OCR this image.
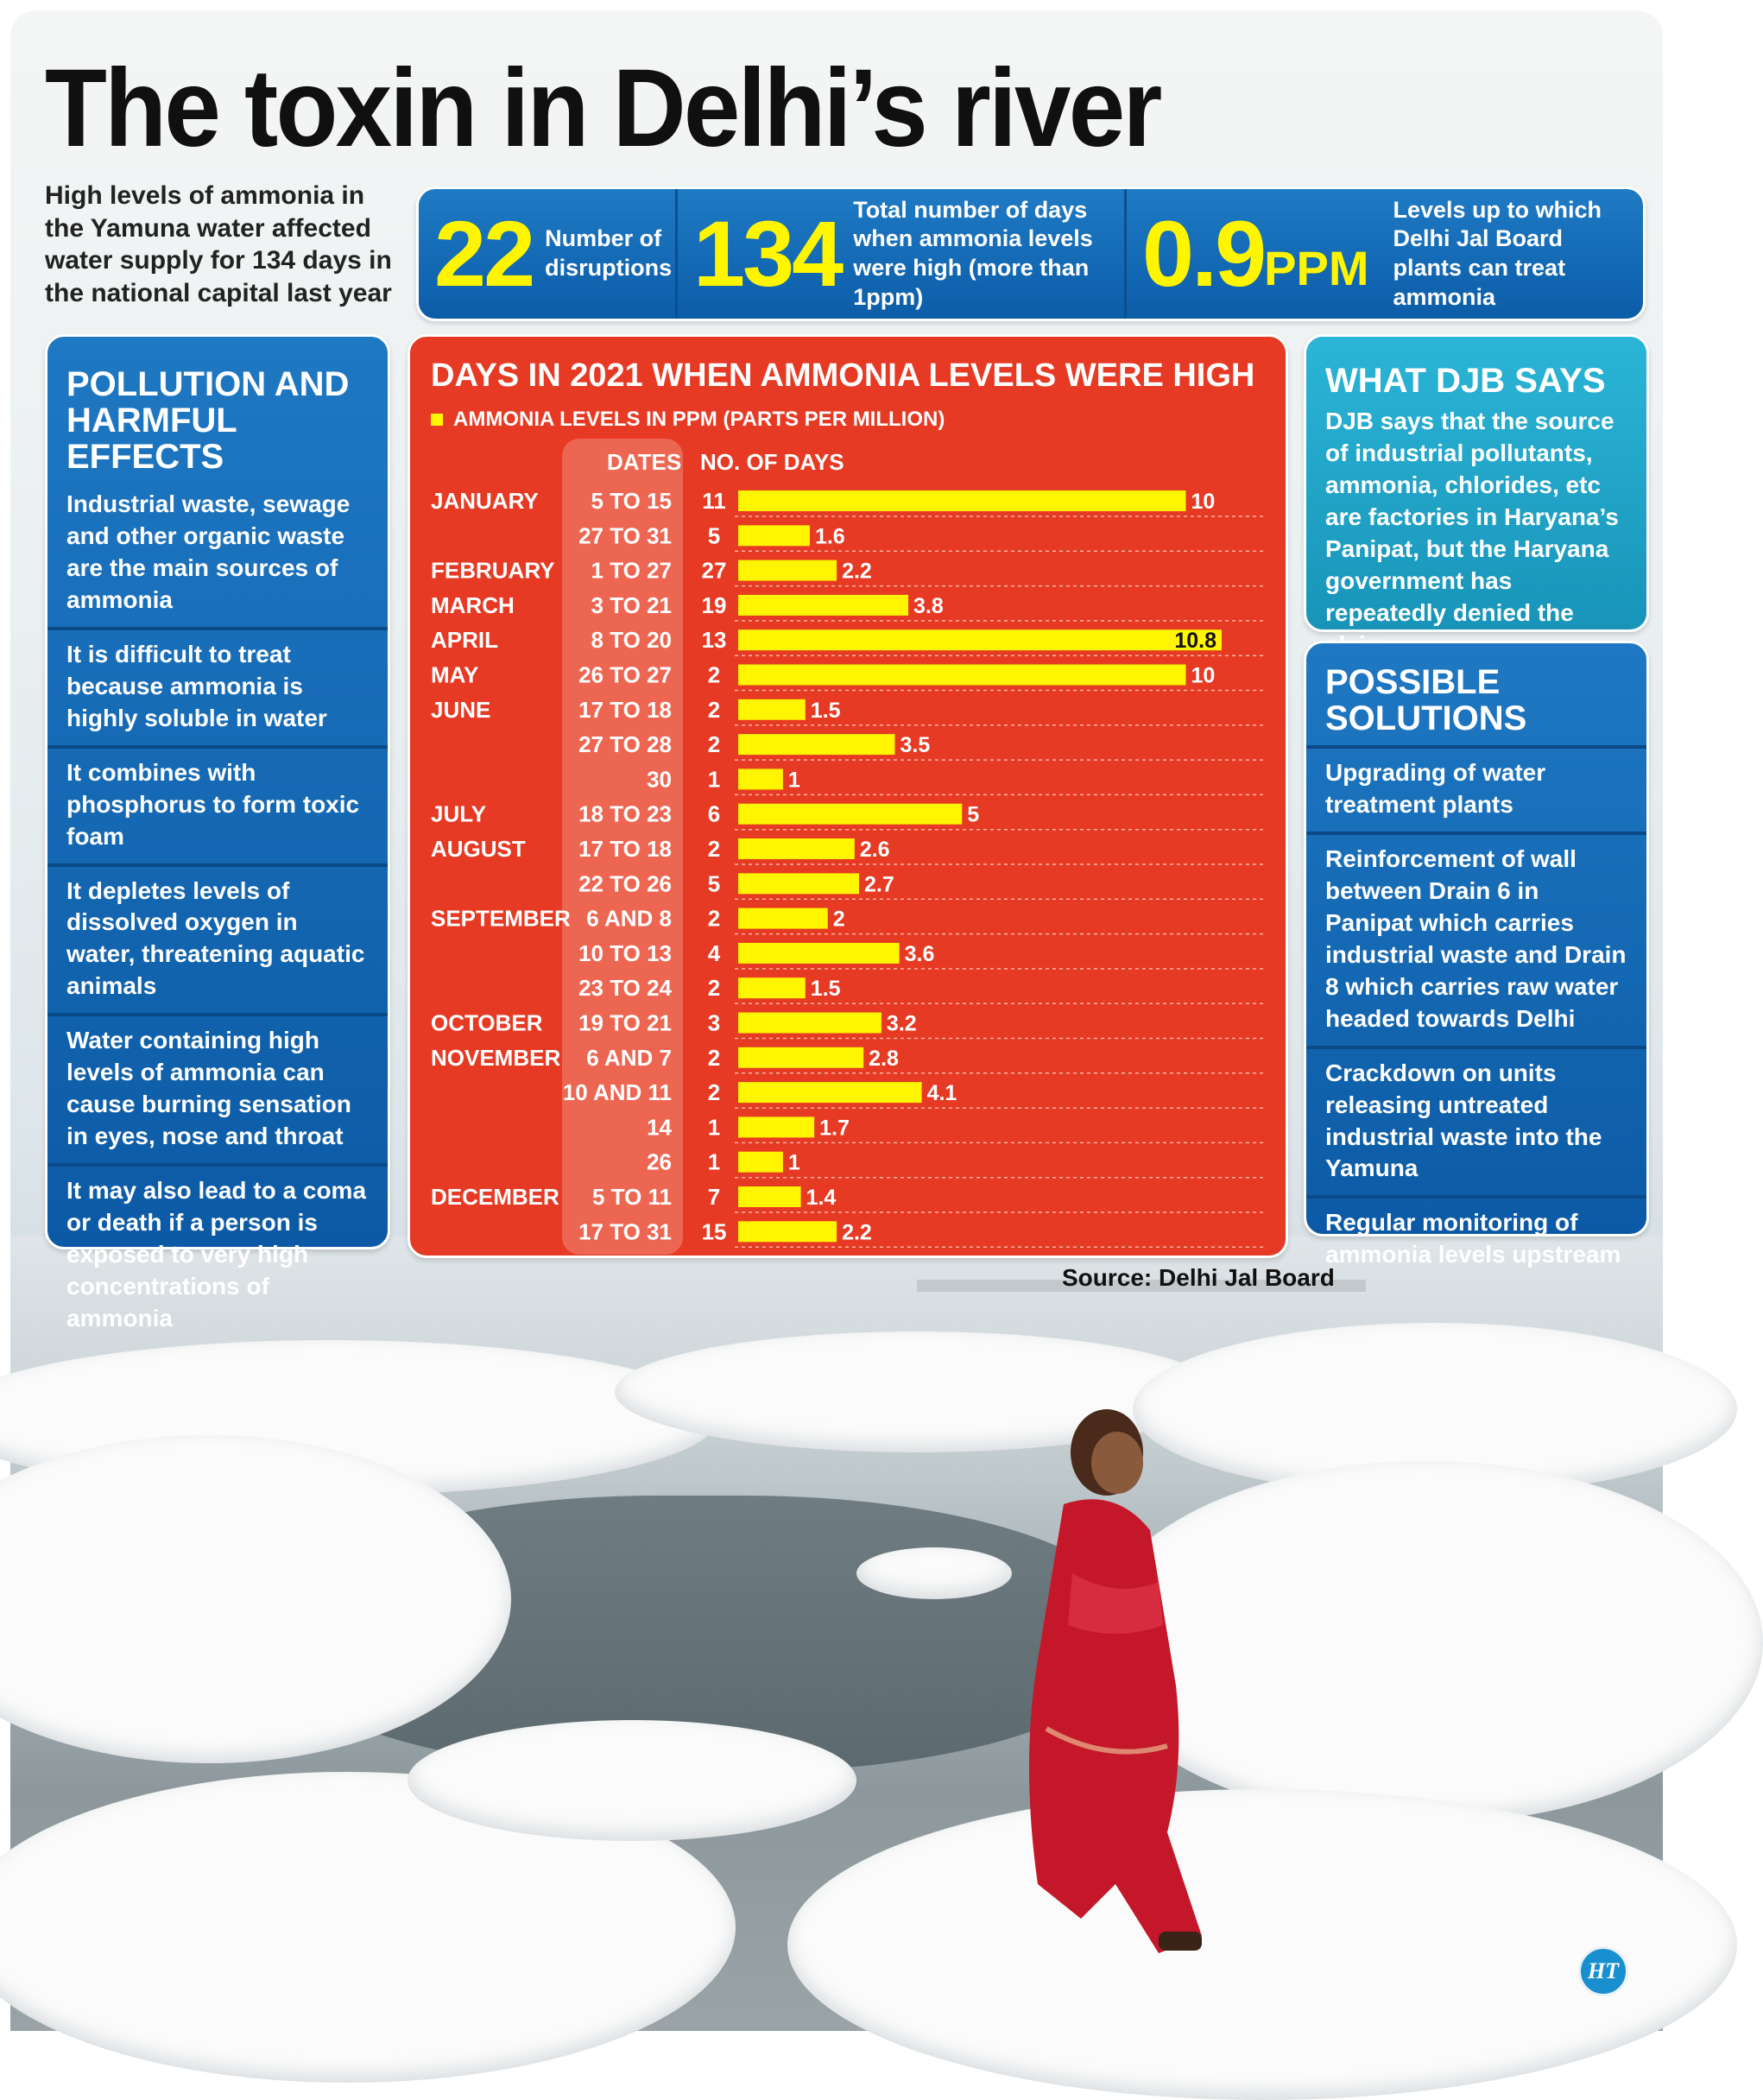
The toxin in Delhi’s river
High levels of ammonia in the Yamuna water affected water supply for 134 days in the national capital last year 22 Number of disruptions 134 Total number of days when ammonia levels were high (more than 1ppm)	0.9 PPM
Levels up to which Delhi Jal Board plants can treat ammonia
POLLUTION AND HARMFUL EFFECTS
Industrial waste, sewage and other organic waste are the main sources of ammonia
It is difficult to treat because ammonia is highly soluble in water
It combines with phosphorus to form toxic foam
It depletes levels of dissolved oxygen in water, threatening aquatic animals
Water containing high levels of ammonia can cause burning sensation in eyes, nose and throat
It may also lead to a coma or death if a person is exposed to very high concentrations of ammonia
DAYS IN 2021 WHEN AMMONIA LEVELS WERE HIGH
AMMONIA LEVELS IN PPM (PARTS PER MILLION)
DATES NO. OF DAYS
JANUARY 5 TO 15 11	10
27 TO 31 5	1.6
FEBRUARY 1 TO 27 27	2.2
MARCH	3 TO 21 19	3.8
APRIL	8 TO 20 13	10.8
MAY	26 TO 27 2	10
JUNE	17 TO 18 2	1.5
27 TO 28 2	3.5
30 1	1
JULY	18 TO 23 6	5
AUGUST 17 TO 18 2	2.6
22 TO 26 5	2.7
SEPTEMBER 6 AND 8 2	2
10 TO 13 4	3.6
23 TO 24 2	1.5
OCTOBER 19 TO 21 3	3.2
NOVEMBER 6 AND 7 2	2.8
10 AND 11 2	4.1
14 1	1.7
26 1	1
DECEMBER 5 TO 11 7	1.4
17 TO 31 15	2.2
Source: Delhi Jal Board
WHAT DJB SAYS
DJB says that the source of industrial pollutants, ammonia, chlorides, etc are factories in Haryana’s Panipat, but the Haryana government has repeatedly denied the
POSSIBLE SOLUTIONS
Upgrading of water treatment plants
Reinforcement of wall between Drain 6 in Panipat which carries industrial waste and Drain 8 which carries raw water headed towards Delhi
Crackdown on units releasing untreated industrial waste into the Yamuna
Regular monitoring of ammonia levels upstream
HT
